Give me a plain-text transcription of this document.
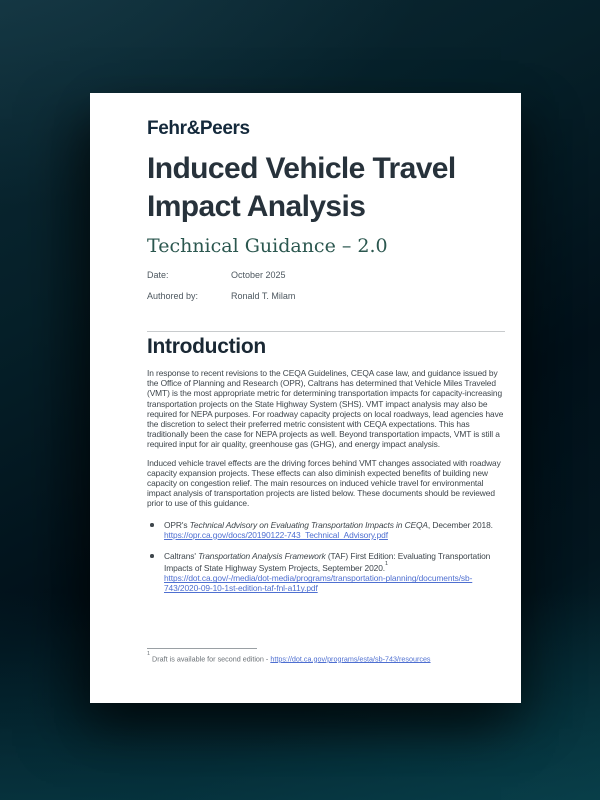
Fehr&Peers
Induced Vehicle Travel
Impact Analysis
Technical Guidance – 2.0
Date:	October 2025
Authored by:	Ronald T. Milam
Introduction

In response to recent revisions to the CEQA Guidelines, CEQA case law, and guidance issued by the Office of Planning and Research (OPR), Caltrans has determined that Vehicle Miles Traveled (VMT) is the most appropriate metric for determining transportation impacts for capacity-increasing transportation projects on the State Highway System (SHS). VMT impact analysis may also be required for NEPA purposes. For roadway capacity projects on local roadways, lead agencies have the discretion to select their preferred metric consistent with CEQA expectations. This has traditionally been the case for NEPA projects as well. Beyond transportation impacts, VMT is still a required input for air quality, greenhouse gas (GHG), and energy impact analysis.

Induced vehicle travel effects are the driving forces behind VMT changes associated with roadway capacity expansion projects. These effects can also diminish expected benefits of building new capacity on congestion relief. The main resources on induced vehicle travel for environmental impact analysis of transportation projects are listed below. These documents should be reviewed prior to use of this guidance.

OPR's Technical Advisory on Evaluating Transportation Impacts in CEQA, December 2018.
https://opr.ca.gov/docs/20190122-743_Technical_Advisory.pdf
Caltrans' Transportation Analysis Framework (TAF) First Edition: Evaluating Transportation Impacts of State Highway System Projects, September 2020.$^1$
https://dot.ca.gov/-/media/dot-media/programs/transportation-planning/documents/sb-743/2020-09-10-1st-edition-taf-fnl-a11y.pdf
$^1$ Draft is available for second edition - https://dot.ca.gov/programs/esta/sb-743/resources
